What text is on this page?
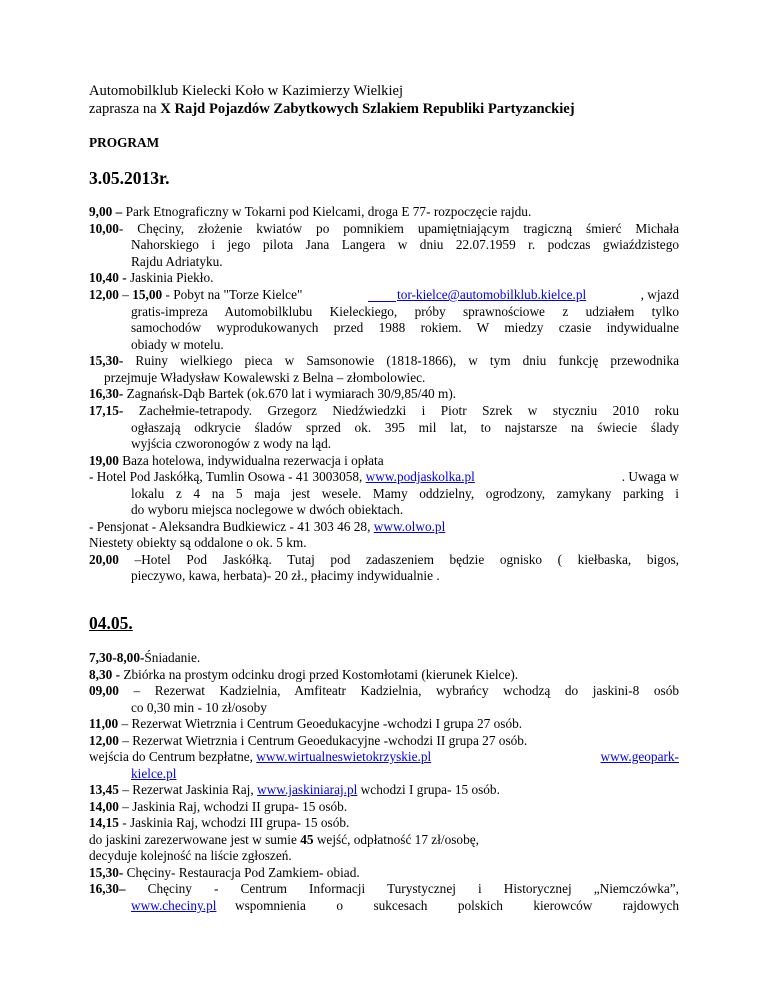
Automobilklub Kielecki Koło w Kazimierzy Wielkiej
zaprasza na X Rajd Pojazdów Zabytkowych Szlakiem Republiki Partyzanckiej
PROGRAM
3.05.2013r.
9,00 – Park Etnograficzny w Tokarni pod Kielcami, droga E 77- rozpoczęcie rajdu.
10,00- Chęciny, złożenie kwiatów po pomnikiem upamiętniającym tragiczną śmierć Michała
Nahorskiego i jego pilota Jana Langera w dniu 22.07.1959 r. podczas gwiaździstego
Rajdu Adriatyku.
10,40 - Jaskinia Piekło.
12,00 – 15,00 - Pobyt na "Torze Kielce"	tor-kielce@automobilklub.kielce.pl	, wjazd
gratis-impreza Automobilklubu Kieleckiego, próby sprawnościowe z udziałem tylko
samochodów wyprodukowanych przed 1988 rokiem. W miedzy czasie indywidualne
obiady w motelu.
15,30- Ruiny wielkiego pieca w Samsonowie (1818-1866), w tym dniu funkcję przewodnika
przejmuje Władysław Kowalewski z Belna – złombolowiec.
16,30- Zagnańsk-Dąb Bartek (ok.670 lat i wymiarach 30/9,85/40 m).
17,15- Zachełmie-tetrapody. Grzegorz Niedźwiedzki i Piotr Szrek w styczniu 2010 roku
ogłaszają odkrycie śladów sprzed ok. 395 mil lat, to najstarsze na świecie ślady
wyjścia czworonogów z wody na ląd.
19,00 Baza hotelowa, indywidualna rezerwacja i opłata
- Hotel Pod Jaskółką, Tumlin Osowa - 41 3003058, www.podjaskolka.pl	. Uwaga w
lokalu z 4 na 5 maja jest wesele. Mamy oddzielny, ogrodzony, zamykany parking i
do wyboru miejsca noclegowe w dwóch obiektach.
- Pensjonat - Aleksandra Budkiewicz - 41 303 46 28, www.olwo.pl
Niestety obiekty są oddalone o ok. 5 km.
20,00 –Hotel Pod Jaskółką. Tutaj pod zadaszeniem będzie ognisko ( kiełbaska, bigos,
pieczywo, kawa, herbata)- 20 zł., płacimy indywidualnie .
04.05.
7,30-8,00-Śniadanie.
8,30 - Zbiórka na prostym odcinku drogi przed Kostomłotami (kierunek Kielce).
09,00 – Rezerwat Kadzielnia, Amfiteatr Kadzielnia, wybrańcy wchodzą do jaskini-8 osób
co 0,30 min - 10 zł/osoby
11,00 – Rezerwat Wietrznia i Centrum Geoedukacyjne -wchodzi I grupa 27 osób.
12,00 – Rezerwat Wietrznia i Centrum Geoedukacyjne -wchodzi II grupa 27 osób.
wejścia do Centrum bezpłatne, www.wirtualneswietokrzyskie.pl	www.geopark-
kielce.pl
13,45 – Rezerwat Jaskinia Raj, www.jaskiniaraj.pl wchodzi I grupa- 15 osób.
14,00 – Jaskinia Raj, wchodzi II grupa- 15 osób.
14,15 - Jaskinia Raj, wchodzi III grupa- 15 osób.
do jaskini zarezerwowane jest w sumie 45 wejść, odpłatność 17 zł/osobę,
decyduje kolejność na liście zgłoszeń.
15,30- Chęciny- Restauracja Pod Zamkiem- obiad.
16,30– Chęciny - Centrum Informacji Turystycznej i Historycznej „Niemczówka”,
www.checiny.pl wspomnienia o sukcesach polskich kierowców rajdowych
